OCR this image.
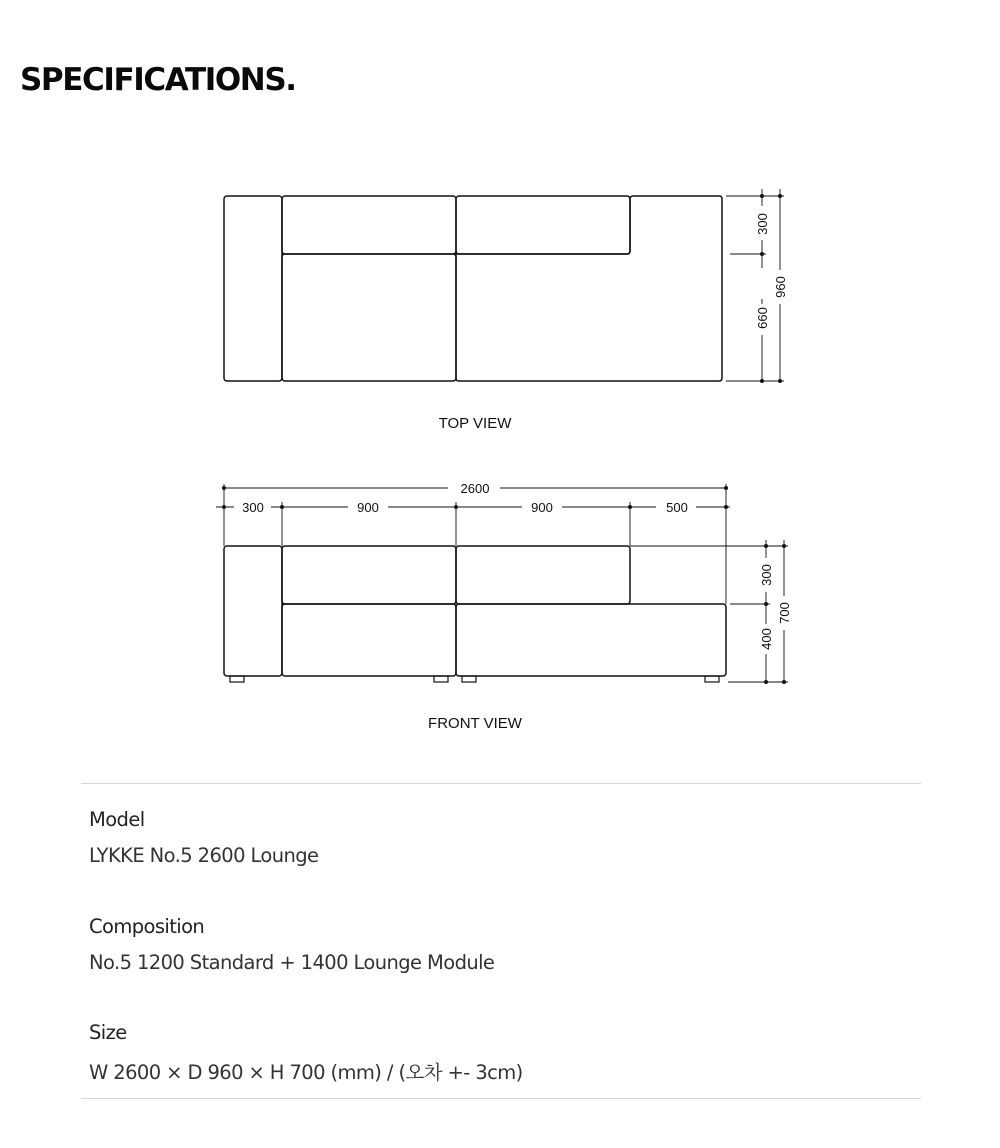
SPECIFICATIONS.
300
660
960
TOP VIEW
2600
300	900	900	500
300
400
700
FRONT VIEW
Model
LYKKE No.5 2600 Lounge
Composition
No.5 1200 Standard + 1400 Lounge Module
Size
W 2600 × D 960 × H 700 (mm) / (오차 +- 3cm)
